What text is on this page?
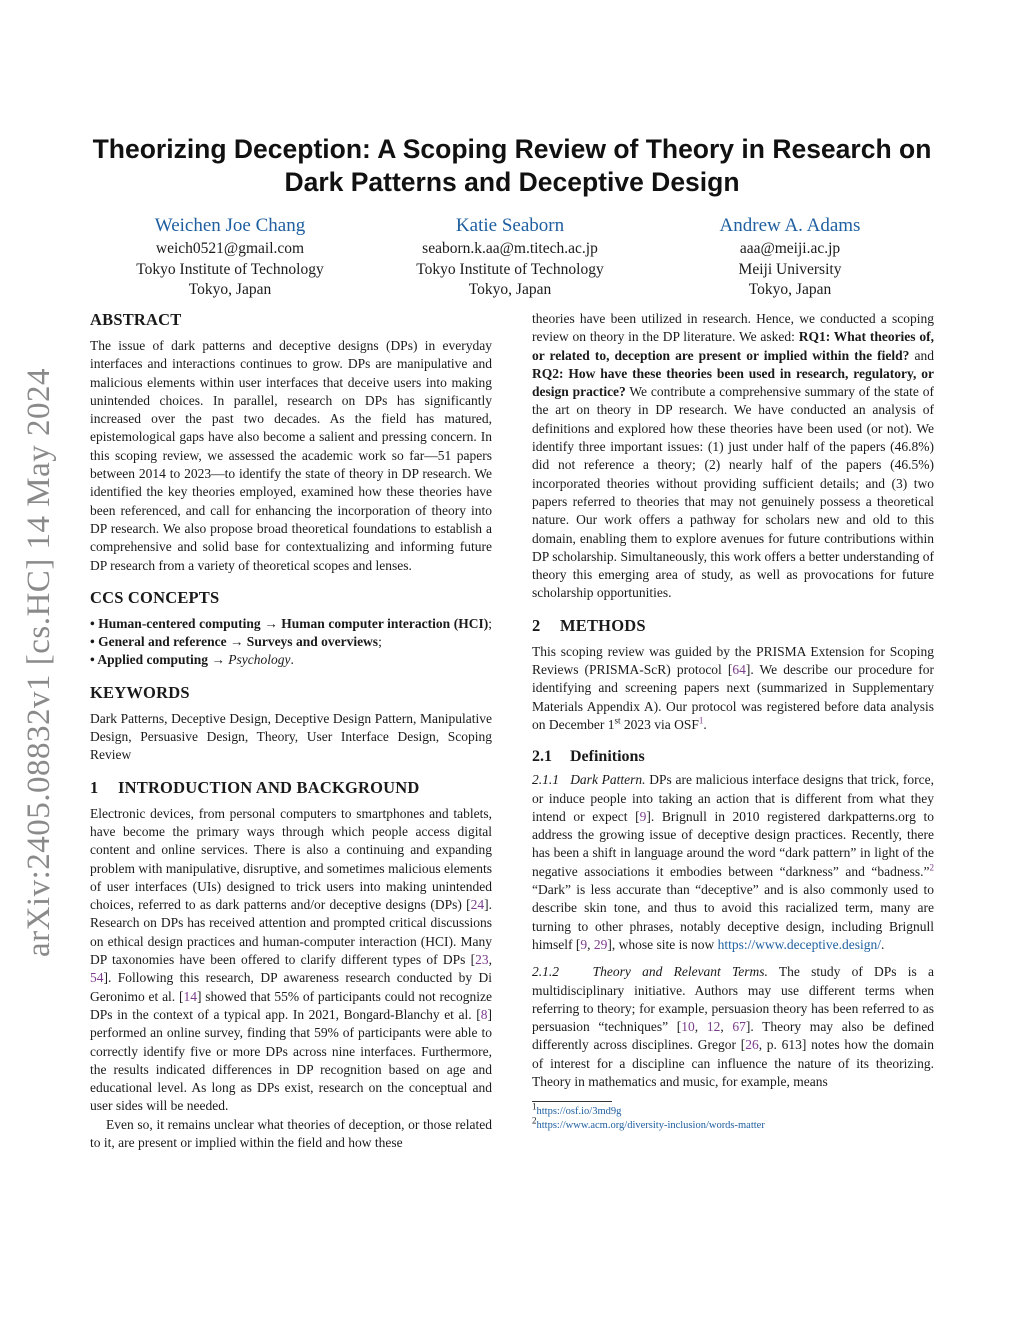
arXiv:2405.08832v1 [cs.HC] 14 May 2024
Theorizing Deception: A Scoping Review of Theory in Research on Dark Patterns and Deceptive Design
Weichen Joe Chang
weich0521@gmail.com
Tokyo Institute of Technology
Tokyo, Japan
Katie Seaborn
seaborn.k.aa@m.titech.ac.jp
Tokyo Institute of Technology
Tokyo, Japan
Andrew A. Adams
aaa@meiji.ac.jp
Meiji University
Tokyo, Japan
ABSTRACT

The issue of dark patterns and deceptive designs (DPs) in everyday interfaces and interactions continues to grow. DPs are manipulative and malicious elements within user interfaces that deceive users into making unintended choices. In parallel, research on DPs has significantly increased over the past two decades. As the field has matured, epistemological gaps have also become a salient and pressing concern. In this scoping review, we assessed the academic work so far—51 papers between 2014 to 2023—to identify the state of theory in DP research. We identified the key theories employed, examined how these theories have been referenced, and call for enhancing the incorporation of theory into DP research. We also propose broad theoretical foundations to establish a comprehensive and solid base for contextualizing and informing future DP research from a variety of theoretical scopes and lenses.

CCS CONCEPTS

• Human-centered computing → Human computer interaction (HCI); • General and reference → Surveys and overviews;
• Applied computing → Psychology.

KEYWORDS

Dark Patterns, Deceptive Design, Deceptive Design Pattern, Manipulative Design, Persuasive Design, Theory, User Interface Design, Scoping Review

1 INTRODUCTION AND BACKGROUND

Electronic devices, from personal computers to smartphones and tablets, have become the primary ways through which people access digital content and online services. There is also a continuing and expanding problem with manipulative, disruptive, and sometimes malicious elements of user interfaces (UIs) designed to trick users into making unintended choices, referred to as dark patterns and/or deceptive designs (DPs) [24]. Research on DPs has received attention and prompted critical discussions on ethical design practices and human-computer interaction (HCI). Many DP taxonomies have been offered to clarify different types of DPs [23, 54]. Following this research, DP awareness research conducted by Di Geronimo et al. [14] showed that 55% of participants could not recognize DPs in the context of a typical app. In 2021, Bongard-Blanchy et al. [8] performed an online survey, finding that 59% of participants were able to correctly identify five or more DPs across nine interfaces. Furthermore, the results indicated differences in DP recognition based on age and educational level. As long as DPs exist, research on the conceptual and user sides will be needed.

Even so, it remains unclear what theories of deception, or those related to it, are present or implied within the field and how these

theories have been utilized in research. Hence, we conducted a scoping review on theory in the DP literature. We asked: RQ1: What theories of, or related to, deception are present or implied within the field? and RQ2: How have these theories been used in research, regulatory, or design practice? We contribute a comprehensive summary of the state of the art on theory in DP research. We have conducted an analysis of definitions and explored how these theories have been used (or not). We identify three important issues: (1) just under half of the papers (46.8%) did not reference a theory; (2) nearly half of the papers (46.5%) incorporated theories without providing sufficient details; and (3) two papers referred to theories that may not genuinely possess a theoretical nature. Our work offers a pathway for scholars new and old to this domain, enabling them to explore avenues for future contributions within DP scholarship. Simultaneously, this work offers a better understanding of theory this emerging area of study, as well as provocations for future scholarship opportunities.

2 METHODS

This scoping review was guided by the PRISMA Extension for Scoping Reviews (PRISMA-ScR) protocol [64]. We describe our procedure for identifying and screening papers next (summarized in Supplementary Materials Appendix A). Our protocol was registered before data analysis on December 1st 2023 via OSF$^1$.

2.1 Definitions

2.1.1 Dark Pattern. DPs are malicious interface designs that trick, force, or induce people into taking an action that is different from what they intend or expect [9]. Brignull in 2010 registered darkpatterns.org to address the growing issue of deceptive design practices. Recently, there has been a shift in language around the word “dark pattern” in light of the negative associations it embodies between “darkness” and “badness.”$^2$ “Dark” is less accurate than “deceptive” and is also commonly used to describe skin tone, and thus to avoid this racialized term, many are turning to other phrases, notably deceptive design, including Brignull himself [9, 29], whose site is now https://www.deceptive.design/.

2.1.2 Theory and Relevant Terms. The study of DPs is a multidisciplinary initiative. Authors may use different terms when referring to theory; for example, persuasion theory has been referred to as persuasion “techniques” [10, 12, 67]. Theory may also be defined differently across disciplines. Gregor [26, p. 613] notes how the domain of interest for a discipline can influence the nature of its theorizing. Theory in mathematics and music, for example, means

$^1$https://osf.io/3md9g
$^2$https://www.acm.org/diversity-inclusion/words-matter
